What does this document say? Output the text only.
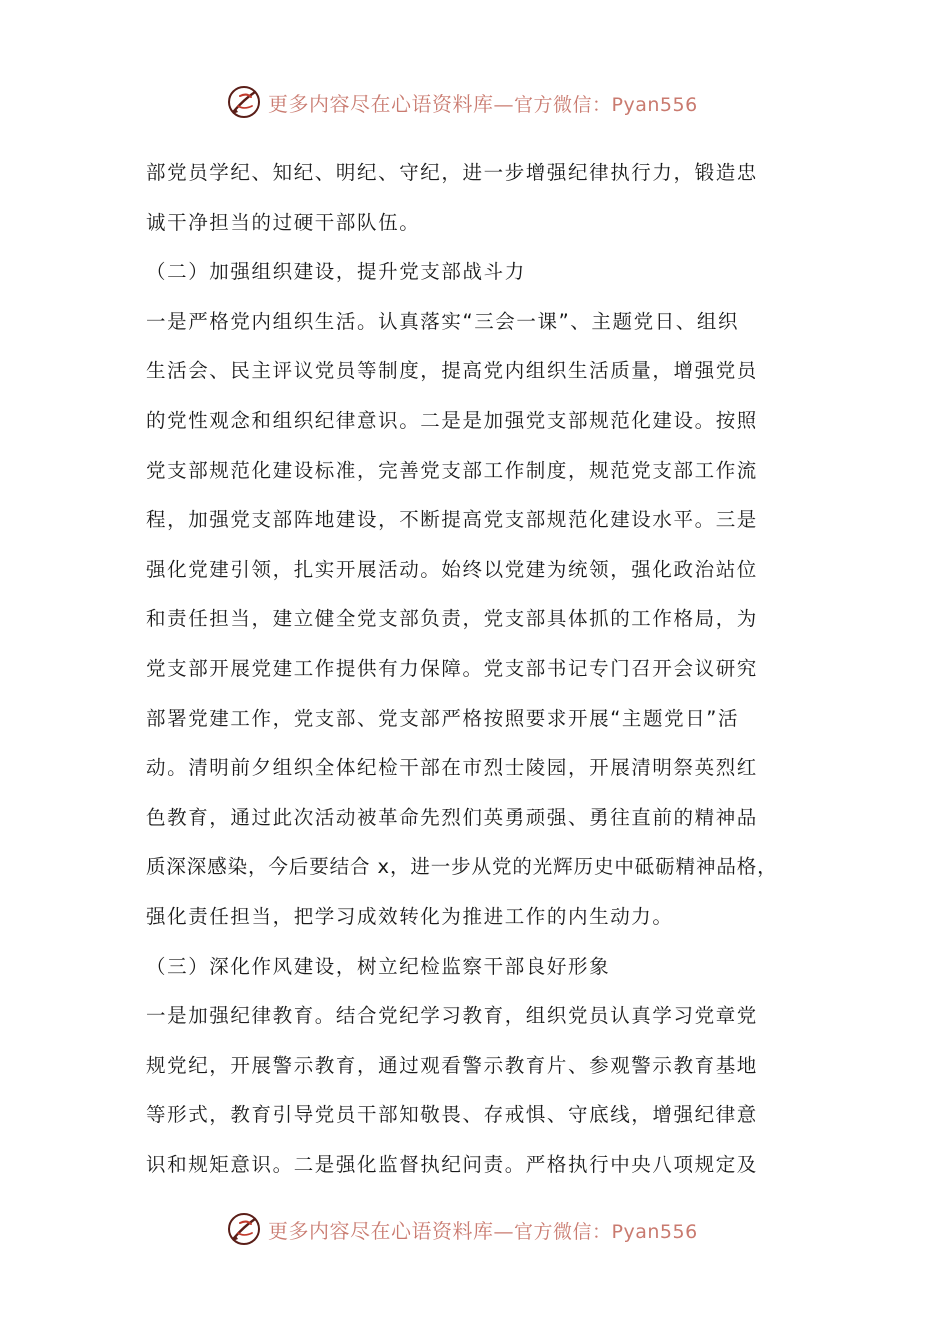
更多内容尽在心语资料库—官方微信：Pyan556
部党员学纪、知纪、明纪、守纪，进一步增强纪律执行力，锻造忠
诚干净担当的过硬干部队伍。
（二）加强组织建设，提升党支部战斗力
一是严格党内组织生活。认真落实“三会一课”、主题党日、组织
生活会、民主评议党员等制度，提高党内组织生活质量，增强党员
的党性观念和组织纪律意识。二是是加强党支部规范化建设。按照
党支部规范化建设标准，完善党支部工作制度，规范党支部工作流
程，加强党支部阵地建设，不断提高党支部规范化建设水平。三是
强化党建引领，扎实开展活动。始终以党建为统领，强化政治站位
和责任担当，建立健全党支部负责，党支部具体抓的工作格局，为
党支部开展党建工作提供有力保障。党支部书记专门召开会议研究
部署党建工作，党支部、党支部严格按照要求开展“主题党日”活
动。清明前夕组织全体纪检干部在市烈士陵园，开展清明祭英烈红
色教育，通过此次活动被革命先烈们英勇顽强、勇往直前的精神品
质深深感染，今后要结合 x，进一步从党的光辉历史中砥砺精神品格，
强化责任担当，把学习成效转化为推进工作的内生动力。
（三）深化作风建设，树立纪检监察干部良好形象
一是加强纪律教育。结合党纪学习教育，组织党员认真学习党章党
规党纪，开展警示教育，通过观看警示教育片、参观警示教育基地
等形式，教育引导党员干部知敬畏、存戒惧、守底线，增强纪律意
识和规矩意识。二是强化监督执纪问责。严格执行中央八项规定及
更多内容尽在心语资料库—官方微信：Pyan556
